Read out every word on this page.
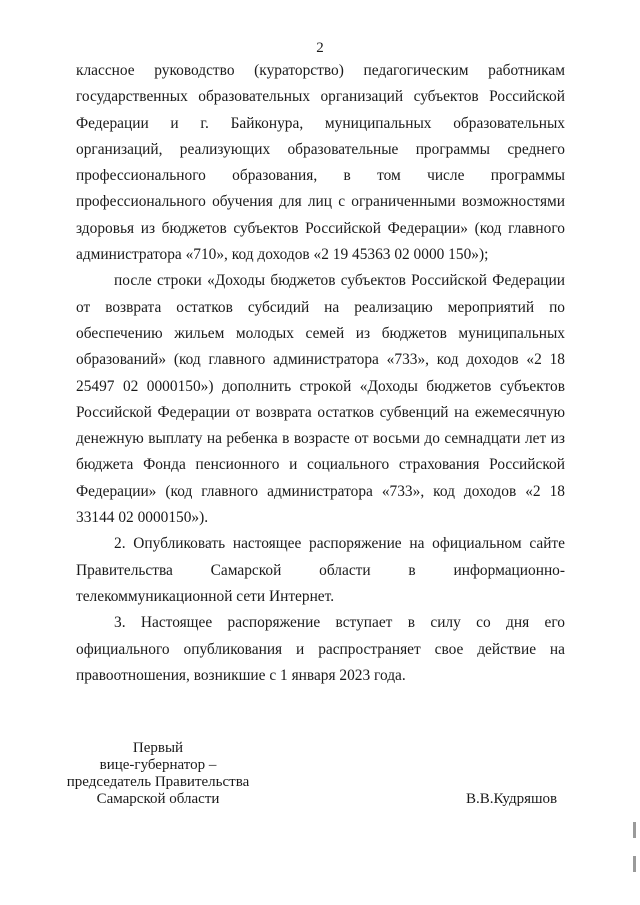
2

классное руководство (кураторство) педагогическим работникам государственных образовательных организаций субъектов Российской Федерации и г. Байконура, муниципальных образовательных организаций, реализующих образовательные программы среднего профессионального образования, в том числе программы профессионального обучения для лиц с ограниченными возможностями здоровья из бюджетов субъектов Российской Федерации» (код главного администратора «710», код доходов «2 19 45363 02 0000 150»);

после строки «Доходы бюджетов субъектов Российской Федерации от возврата остатков субсидий на реализацию мероприятий по обеспечению жильем молодых семей из бюджетов муниципальных образований» (код главного администратора «733», код доходов «2 18 25497 02 0000150») дополнить строкой «Доходы бюджетов субъектов Российской Федерации от возврата остатков субвенций на ежемесячную денежную выплату на ребенка в возрасте от восьми до семнадцати лет из бюджета Фонда пенсионного и социального страхования Российской Федерации» (код главного администратора «733», код доходов «2 18 33144 02 0000150»).

2. Опубликовать настоящее распоряжение на официальном сайте Правительства Самарской области в информационно-телекоммуникационной сети Интернет.

3. Настоящее распоряжение вступает в силу со дня его официального опубликования и распространяет свое действие на правоотношения, возникшие с 1 января 2023 года.

Первый
вице-губернатор –
председатель Правительства
Самарской области	В.В.Кудряшов
